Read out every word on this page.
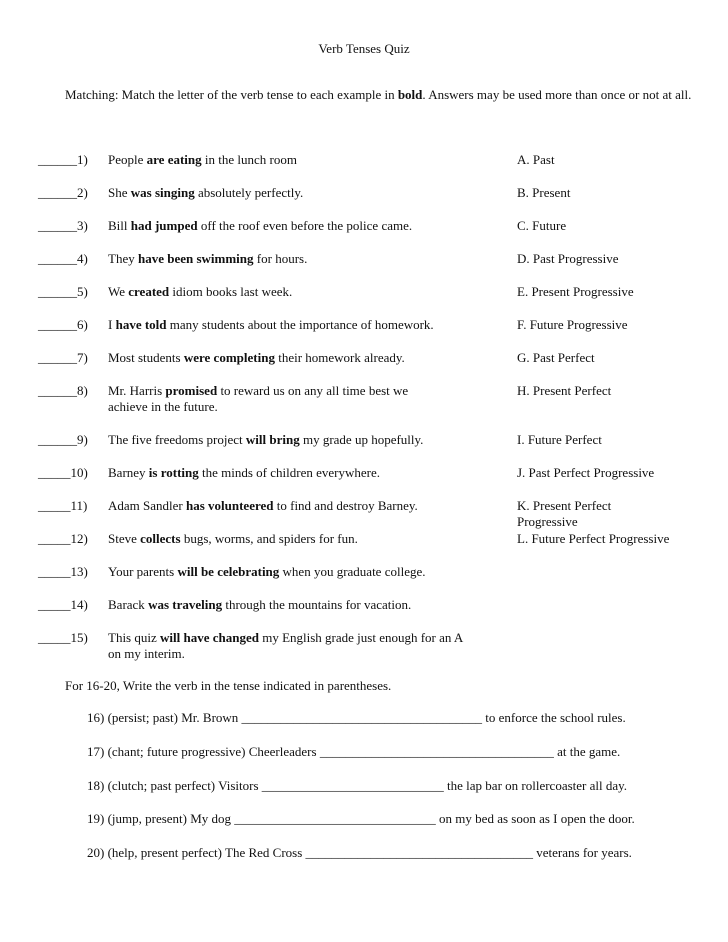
Verb Tenses Quiz
Matching: Match the letter of the verb tense to each example in bold. Answers may be used more than once or not at all.
______1) People are eating in the lunch room
______2) She was singing absolutely perfectly.
______3) Bill had jumped off the roof even before the police came.
______4) They have been swimming for hours.
______5) We created idiom books last week.
______6) I have told many students about the importance of homework.
______7) Most students were completing their homework already.
______8) Mr. Harris promised to reward us on any all time best we achieve in the future.
______9) The five freedoms project will bring my grade up hopefully.
_____10) Barney is rotting the minds of children everywhere.
_____11) Adam Sandler has volunteered to find and destroy Barney.
_____12) Steve collects bugs, worms, and spiders for fun.
_____13) Your parents will be celebrating when you graduate college.
_____14) Barack was traveling through the mountains for vacation.
_____15) This quiz will have changed my English grade just enough for an A on my interim.
A. Past
B. Present
C. Future
D. Past Progressive
E. Present Progressive
F. Future Progressive
G. Past Perfect
H. Present Perfect
I. Future Perfect
J. Past Perfect Progressive
K. Present Perfect Progressive
L. Future Perfect Progressive
For 16-20, Write the verb in the tense indicated in parentheses.
16) (persist; past) Mr. Brown _____________________________________ to enforce the school rules.
17) (chant; future progressive) Cheerleaders ____________________________________ at the game.
18) (clutch; past perfect) Visitors ____________________________ the lap bar on rollercoaster all day.
19) (jump, present) My dog _______________________________ on my bed as soon as I open the door.
20) (help, present perfect) The Red Cross ___________________________________ veterans for years.
